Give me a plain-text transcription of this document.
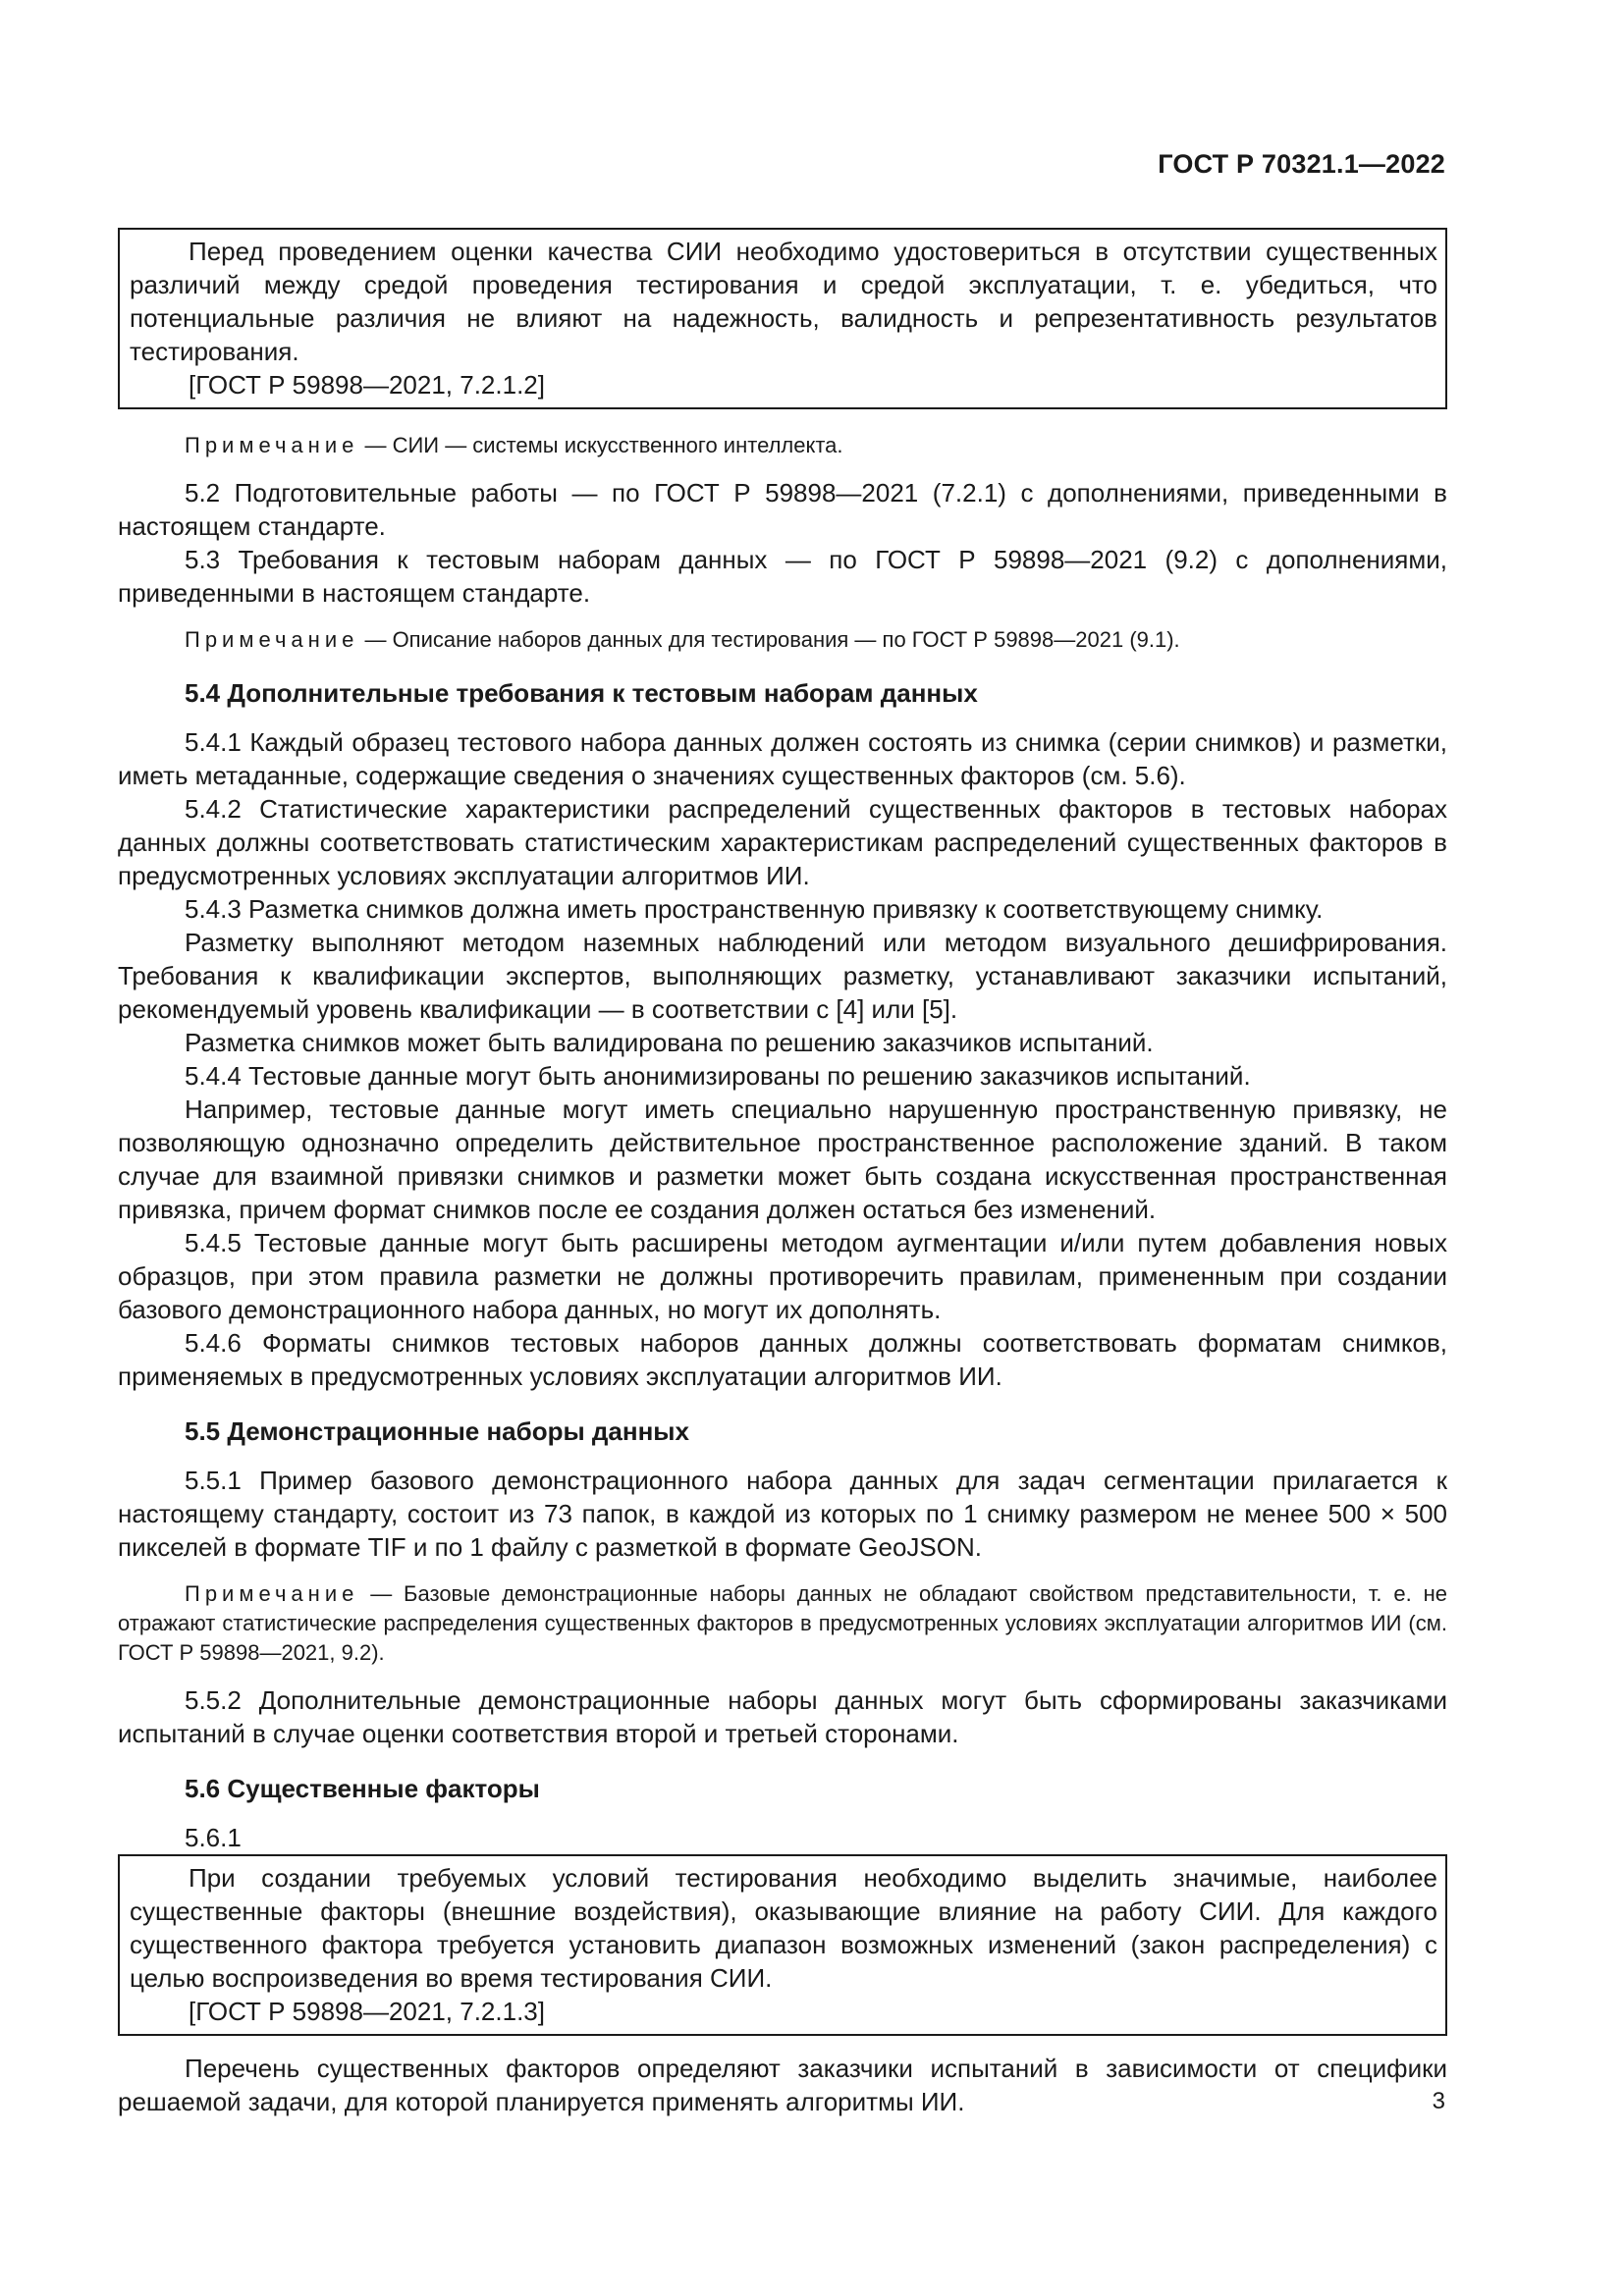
ГОСТ Р 70321.1—2022

Перед проведением оценки качества СИИ необходимо удостовериться в отсутствии существенных различий между средой проведения тестирования и средой эксплуатации, т. е. убедиться, что потенциальные различия не влияют на надежность, валидность и репрезентативность результатов тестирования.

[ГОСТ Р 59898—2021, 7.2.1.2]

Примечание — СИИ — системы искусственного интеллекта.

5.2 Подготовительные работы — по ГОСТ Р 59898—2021 (7.2.1) с дополнениями, приведенными в настоящем стандарте.

5.3 Требования к тестовым наборам данных — по ГОСТ Р 59898—2021 (9.2) с дополнениями, приведенными в настоящем стандарте.

Примечание — Описание наборов данных для тестирования — по ГОСТ Р 59898—2021 (9.1).

5.4 Дополнительные требования к тестовым наборам данных

5.4.1 Каждый образец тестового набора данных должен состоять из снимка (серии снимков) и разметки, иметь метаданные, содержащие сведения о значениях существенных факторов (см. 5.6).

5.4.2 Статистические характеристики распределений существенных факторов в тестовых наборах данных должны соответствовать статистическим характеристикам распределений существенных факторов в предусмотренных условиях эксплуатации алгоритмов ИИ.

5.4.3 Разметка снимков должна иметь пространственную привязку к соответствующему снимку.

Разметку выполняют методом наземных наблюдений или методом визуального дешифрирования. Требования к квалификации экспертов, выполняющих разметку, устанавливают заказчики испытаний, рекомендуемый уровень квалификации — в соответствии с [4] или [5].

Разметка снимков может быть валидирована по решению заказчиков испытаний.

5.4.4 Тестовые данные могут быть анонимизированы по решению заказчиков испытаний.

Например, тестовые данные могут иметь специально нарушенную пространственную привязку, не позволяющую однозначно определить действительное пространственное расположение зданий. В таком случае для взаимной привязки снимков и разметки может быть создана искусственная пространственная привязка, причем формат снимков после ее создания должен остаться без изменений.

5.4.5 Тестовые данные могут быть расширены методом аугментации и/или путем добавления новых образцов, при этом правила разметки не должны противоречить правилам, примененным при создании базового демонстрационного набора данных, но могут их дополнять.

5.4.6 Форматы снимков тестовых наборов данных должны соответствовать форматам снимков, применяемых в предусмотренных условиях эксплуатации алгоритмов ИИ.

5.5 Демонстрационные наборы данных

5.5.1 Пример базового демонстрационного набора данных для задач сегментации прилагается к настоящему стандарту, состоит из 73 папок, в каждой из которых по 1 снимку размером не менее 500 × 500 пикселей в формате TIF и по 1 файлу с разметкой в формате GeoJSON.

Примечание — Базовые демонстрационные наборы данных не обладают свойством представительности, т. е. не отражают статистические распределения существенных факторов в предусмотренных условиях эксплуатации алгоритмов ИИ (см. ГОСТ Р 59898—2021, 9.2).

5.5.2 Дополнительные демонстрационные наборы данных могут быть сформированы заказчиками испытаний в случае оценки соответствия второй и третьей сторонами.

5.6 Существенные факторы

5.6.1

При создании требуемых условий тестирования необходимо выделить значимые, наиболее существенные факторы (внешние воздействия), оказывающие влияние на работу СИИ. Для каждого существенного фактора требуется установить диапазон возможных изменений (закон распределения) с целью воспроизведения во время тестирования СИИ.

[ГОСТ Р 59898—2021, 7.2.1.3]

Перечень существенных факторов определяют заказчики испытаний в зависимости от специфики решаемой задачи, для которой планируется применять алгоритмы ИИ.	3
